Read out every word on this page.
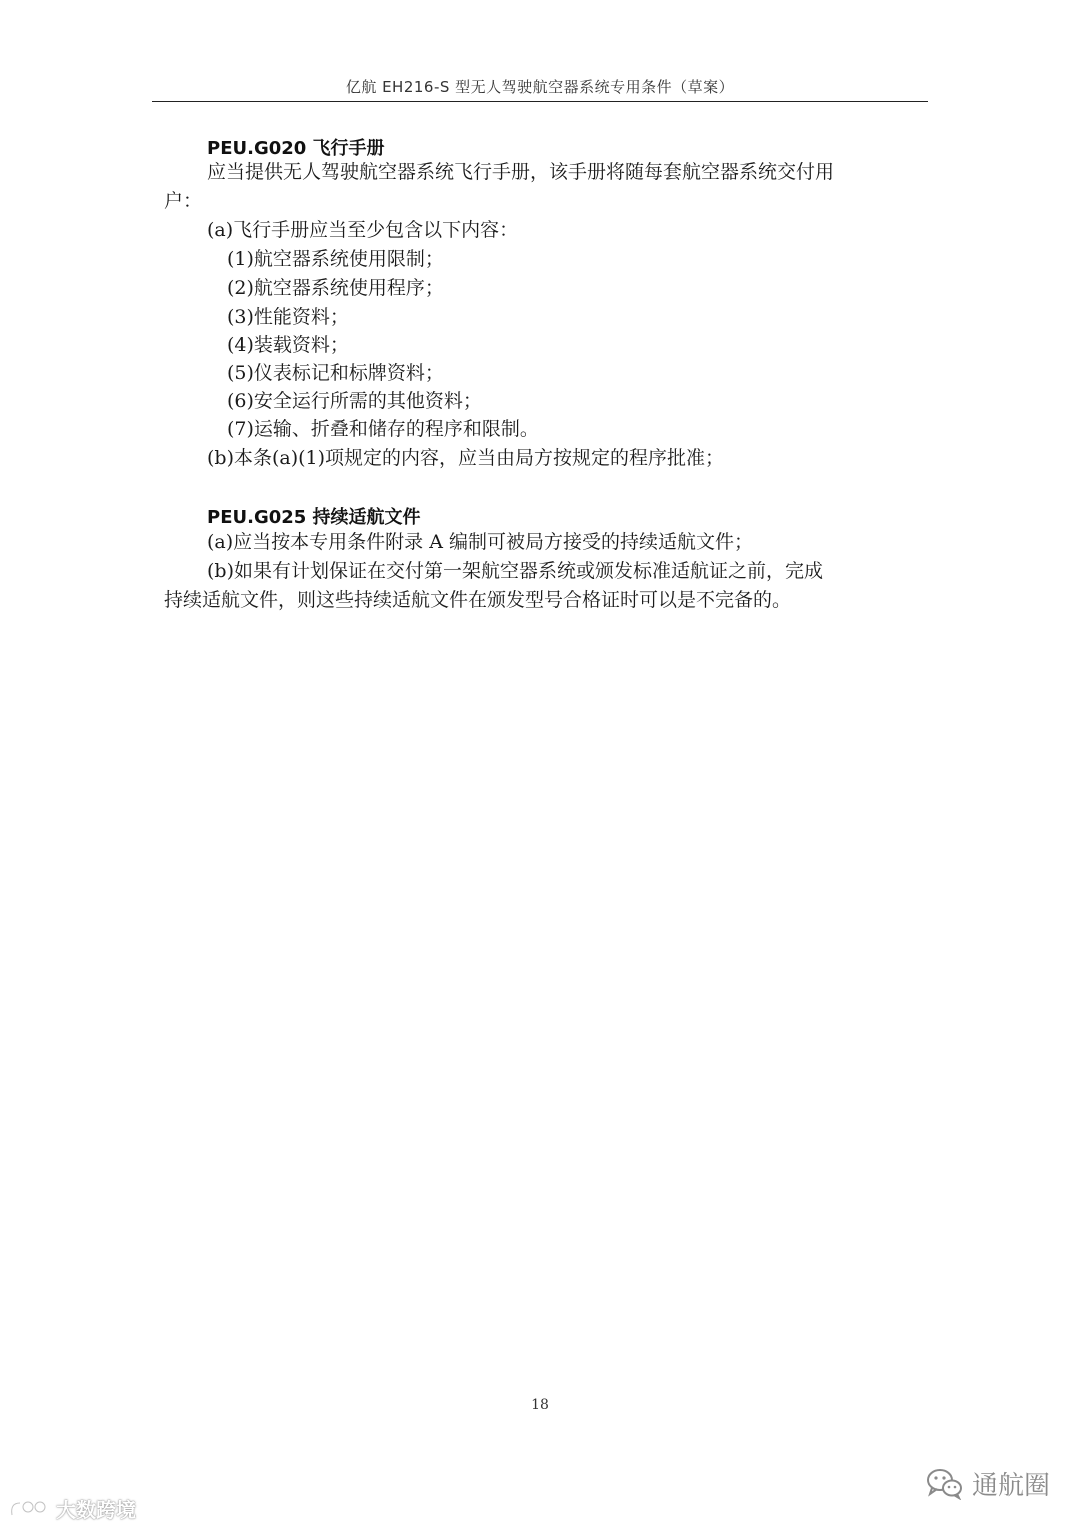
亿航 EH216-S 型无人驾驶航空器系统专用条件（草案）
PEU.G020 飞行手册
应当提供无人驾驶航空器系统飞行手册，该手册将随每套航空器系统交付用
户：
(a)飞行手册应当至少包含以下内容：
(1)航空器系统使用限制；
(2)航空器系统使用程序；
(3)性能资料；
(4)装载资料；
(5)仪表标记和标牌资料；
(6)安全运行所需的其他资料；
(7)运输、折叠和储存的程序和限制。
(b)本条(a)(1)项规定的内容，应当由局方按规定的程序批准；
PEU.G025 持续适航文件
(a)应当按本专用条件附录 A 编制可被局方接受的持续适航文件；
(b)如果有计划保证在交付第一架航空器系统或颁发标准适航证之前，完成
持续适航文件，则这些持续适航文件在颁发型号合格证时可以是不完备的。
18
通航圈
大数跨境
